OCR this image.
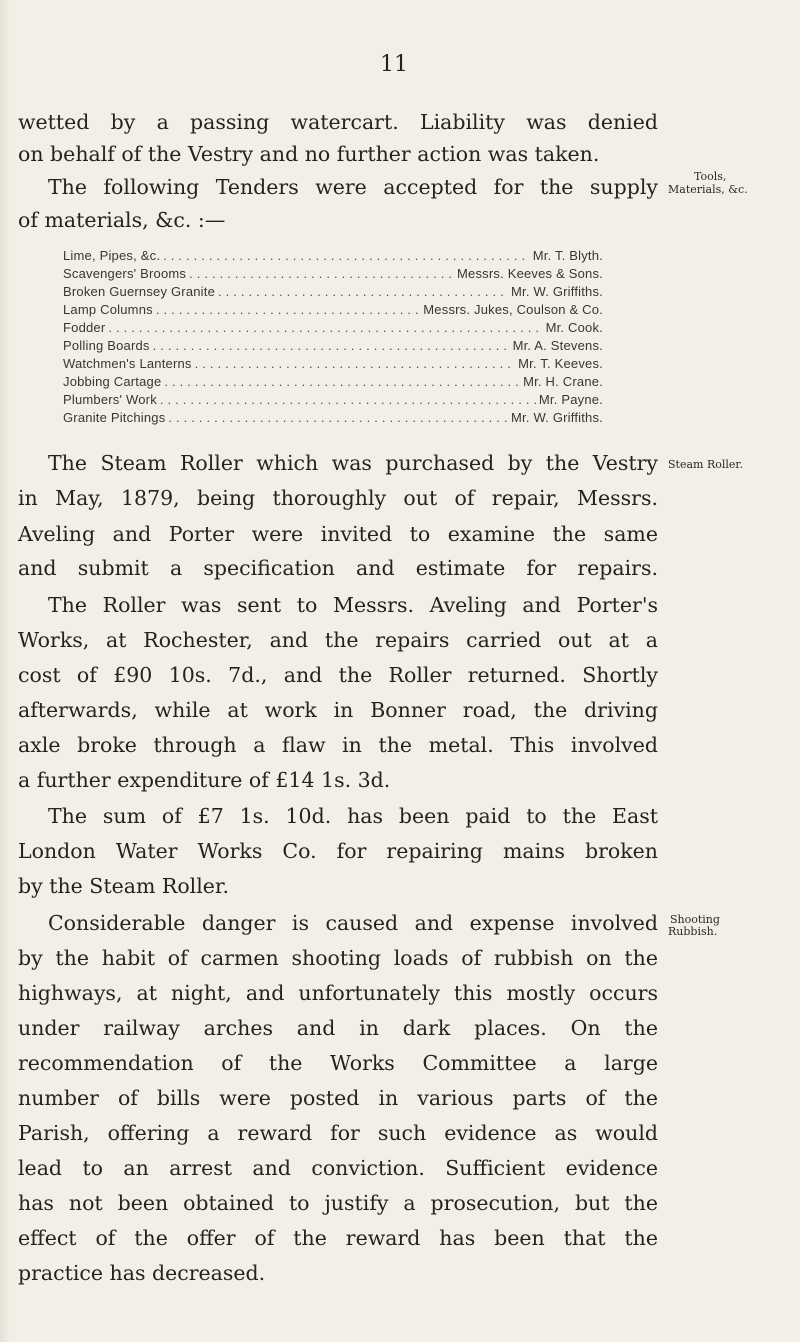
11
wetted by a passing watercart. Liability was denied
on behalf of the Vestry and no further action was taken.
The following Tenders were accepted for the supply
of materials, &c. :—
Tools,
Materials, &c.
Lime, Pipes, &c. . . .	Mr. T. Blyth.
Scavengers' Brooms . . .	Messrs. Keeves & Sons.
Broken Guernsey Granite . . .	Mr. W. Griffiths.
Lamp Columns . . .	Messrs. Jukes, Coulson & Co.
Fodder . . .	Mr. Cook.
Polling Boards . . .	Mr. A. Stevens.
Watchmen's Lanterns . . .	Mr. T. Keeves.
Jobbing Cartage . . .	Mr. H. Crane.
Plumbers' Work . . .	Mr. Payne.
Granite Pitchings . . .	Mr. W. Griffiths.
The Steam Roller which was purchased by the Vestry
in May, 1879, being thoroughly out of repair, Messrs.
Aveling and Porter were invited to examine the same
and submit a specification and estimate for repairs.
Steam Roller.
The Roller was sent to Messrs. Aveling and Porter's
Works, at Rochester, and the repairs carried out at a
cost of £90 10s. 7d., and the Roller returned. Shortly
afterwards, while at work in Bonner road, the driving
axle broke through a flaw in the metal. This involved
a further expenditure of £14 1s. 3d.
The sum of £7 1s. 10d. has been paid to the East
London Water Works Co. for repairing mains broken
by the Steam Roller.
Considerable danger is caused and expense involved
by the habit of carmen shooting loads of rubbish on the
highways, at night, and unfortunately this mostly occurs
under railway arches and in dark places. On the
recommendation of the Works Committee a large
number of bills were posted in various parts of the
Parish, offering a reward for such evidence as would
lead to an arrest and conviction. Sufficient evidence
has not been obtained to justify a prosecution, but the
effect of the offer of the reward has been that the
practice has decreased.
Shooting
Rubbish.
